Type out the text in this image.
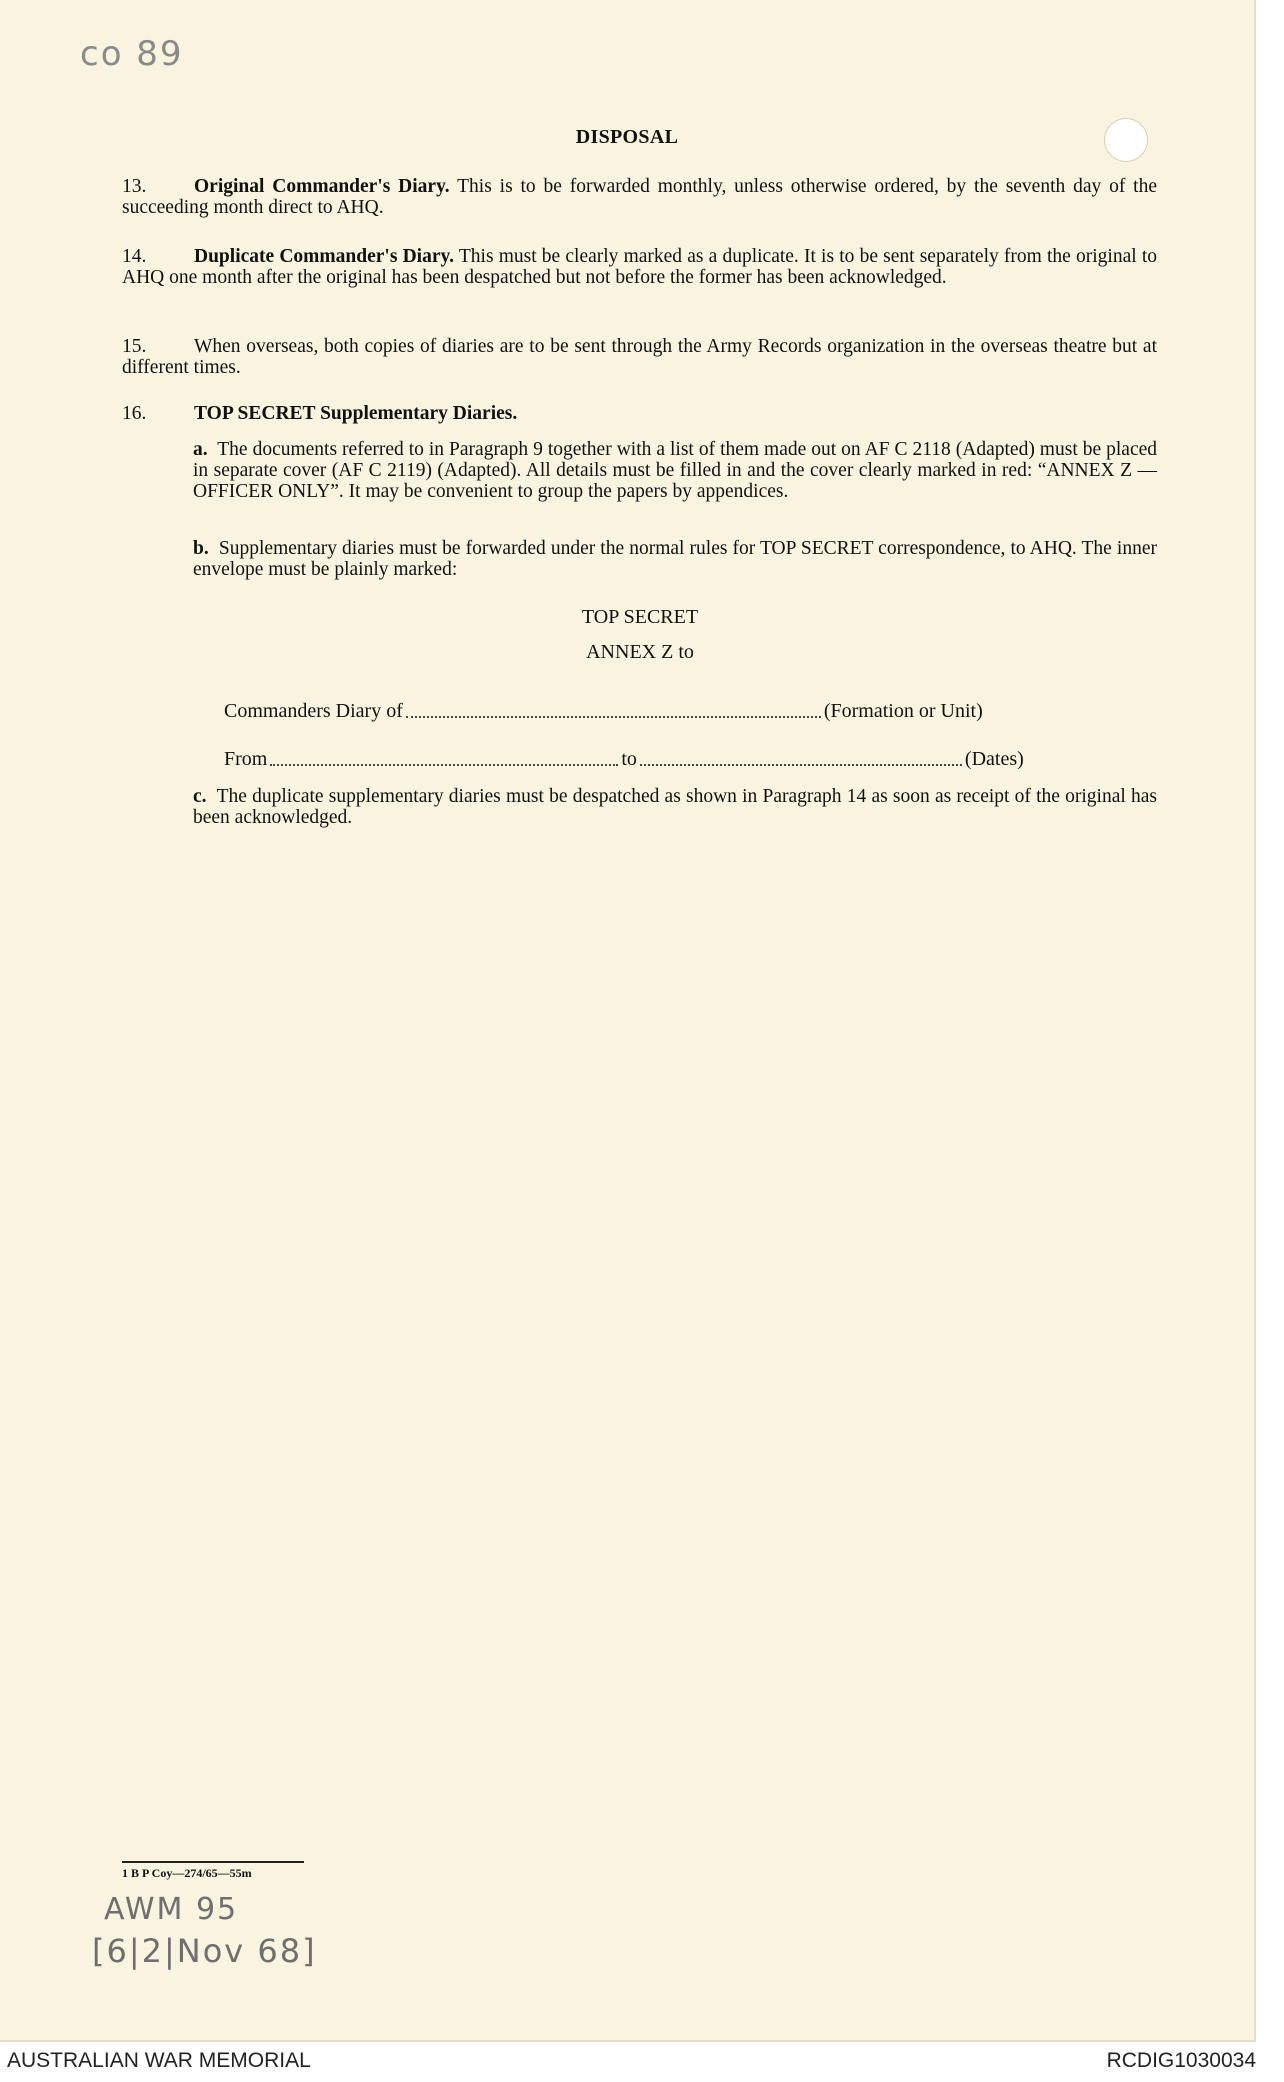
co 89
DISPOSAL
13. Original Commander's Diary. This is to be forwarded monthly, unless otherwise ordered, by the seventh day of the succeeding month direct to AHQ.
14. Duplicate Commander's Diary. This must be clearly marked as a duplicate. It is to be sent separately from the original to AHQ one month after the original has been despatched but not before the former has been acknowledged.
15. When overseas, both copies of diaries are to be sent through the Army Records organization in the overseas theatre but at different times.
16. TOP SECRET Supplementary Diaries.
a. The documents referred to in Paragraph 9 together with a list of them made out on AF C 2118 (Adapted) must be placed in separate cover (AF C 2119) (Adapted). All details must be filled in and the cover clearly marked in red: “ANNEX Z — OFFICER ONLY”. It may be convenient to group the papers by appendices.
b. Supplementary diaries must be forwarded under the normal rules for TOP SECRET correspondence, to AHQ. The inner envelope must be plainly marked:
TOP SECRET
ANNEX Z to
Commanders Diary of	(Formation or Unit)
From	to	(Dates)
c. The duplicate supplementary diaries must be despatched as shown in Paragraph 14 as soon as receipt of the original has been acknowledged.
1 B P Coy—274/65—55m
AWM 95
[6|2|Nov 68]
AUSTRALIAN WAR MEMORIAL	RCDIG1030034
